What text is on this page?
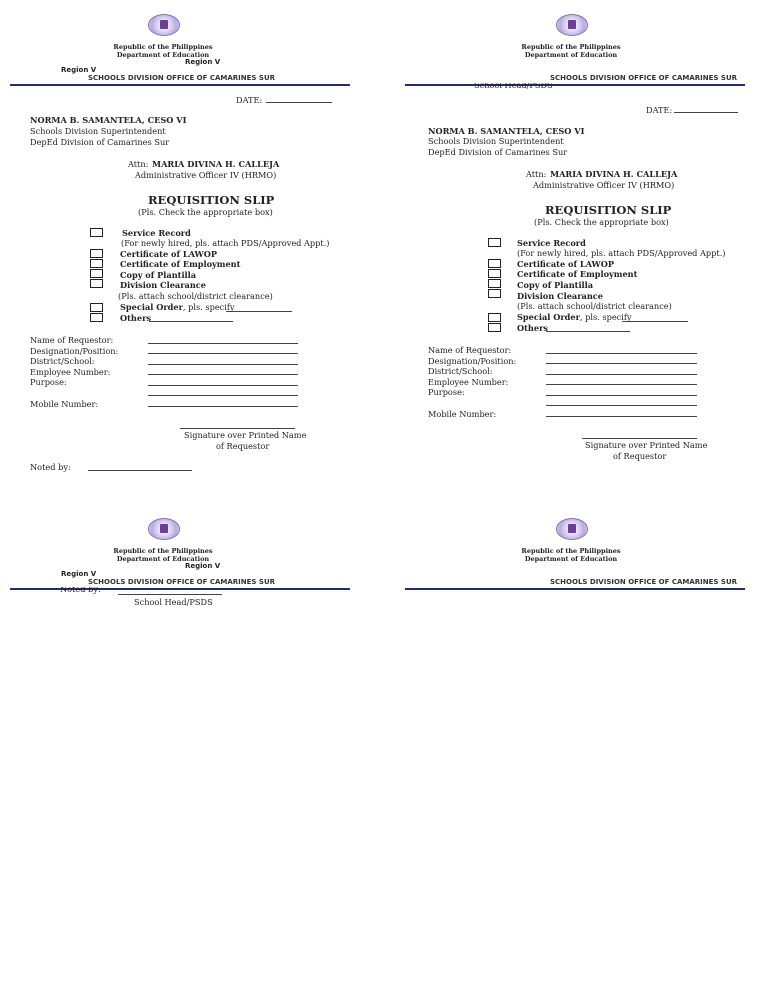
Republic of the Philippines
Department of Education
Region V
Region V
SCHOOLS DIVISION OFFICE OF CAMARINES SUR
DATE:
NORMA B. SAMANTELA, CESO VI
Schools Division Superintendent
DepEd Division of Camarines Sur
Attn: MARIA DIVINA H. CALLEJA
Administrative Officer IV (HRMO)
REQUISITION SLIP
(Pls. Check the appropriate box)
Service Record
(For newly hired, pls. attach PDS/Approved Appt.)
Certificate of LAWOP
Certificate of Employment
Copy of Plantilla
Division Clearance
(Pls. attach school/district clearance)
Special Order, pls. specify
Others
Name of Requestor:
Designation/Position:
District/School:
Employee Number:
Purpose:
Mobile Number:
Signature over Printed Name
of Requestor
Noted by:
Republic of the Philippines
Department of Education
SCHOOLS DIVISION OFFICE OF CAMARINES SUR
School Head/PSDS
DATE:
NORMA B. SAMANTELA, CESO VI
Schools Division Superintendent
DepEd Division of Camarines Sur
Attn: MARIA DIVINA H. CALLEJA
Administrative Officer IV (HRMO)
REQUISITION SLIP
(Pls. Check the appropriate box)
Service Record
(For newly hired, pls. attach PDS/Approved Appt.)
Certificate of LAWOP
Certificate of Employment
Copy of Plantilla
Division Clearance
(Pls. attach school/district clearance)
Special Order, pls. specify
Others
Name of Requestor:
Designation/Position:
District/School:
Employee Number:
Purpose:
Mobile Number:
Signature over Printed Name
of Requestor
Republic of the Philippines
Department of Education
Region V
Region V
SCHOOLS DIVISION OFFICE OF CAMARINES SUR
Noted by:
School Head/PSDS
Republic of the Philippines
Department of Education
SCHOOLS DIVISION OFFICE OF CAMARINES SUR
